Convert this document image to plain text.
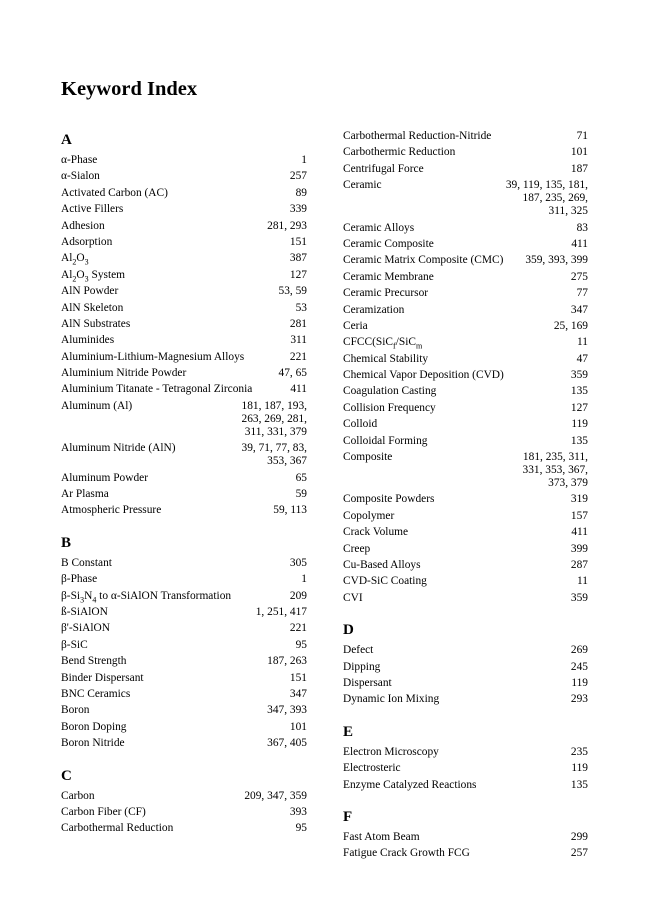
Keyword Index
A
α-Phase	1
α-Sialon	257
Activated Carbon (AC)	89
Active Fillers	339
Adhesion	281, 293
Adsorption	151
$Al_2O_3$	387
$Al_2O_3$ System	127
AlN Powder	53, 59
AlN Skeleton	53
AlN Substrates	281
Aluminides	311
Aluminium-Lithium-Magnesium Alloys	221
Aluminium Nitride Powder	47, 65
Aluminium Titanate - Tetragonal Zirconia	411
Aluminum (Al)	181, 187, 193, 263, 269, 281, 311, 331, 379
Aluminum Nitride (AlN)	39, 71, 77, 83, 353, 367
Aluminum Powder	65
Ar Plasma	59
Atmospheric Pressure	59, 113
B
B Constant	305
β-Phase	1
$\beta-Si_3N_4$ to α-SiAlON Transformation	209
ß-SiAlON	1, 251, 417
β'-SiAlON	221
β-SiC	95
Bend Strength	187, 263
Binder Dispersant	151
BNC Ceramics	347
Boron	347, 393
Boron Doping	101
Boron Nitride	367, 405
C
Carbon	209, 347, 359
Carbon Fiber (CF)	393
Carbothermal Reduction	95
Carbothermal Reduction-Nitride	71
Carbothermic Reduction	101
Centrifugal Force	187
Ceramic	39, 119, 135, 181, 187, 235, 269, 311, 325
Ceramic Alloys	83
Ceramic Composite	411
Ceramic Matrix Composite (CMC)	359, 393, 399
Ceramic Membrane	275
Ceramic Precursor	77
Ceramization	347
Ceria	25, 169
CFCC(SiC$_f$/SiC$_m$	11
Chemical Stability	47
Chemical Vapor Deposition (CVD)	359
Coagulation Casting	135
Collision Frequency	127
Colloid	119
Colloidal Forming	135
Composite	181, 235, 311, 331, 353, 367, 373, 379
Composite Powders	319
Copolymer	157
Crack Volume	411
Creep	399
Cu-Based Alloys	287
CVD-SiC Coating	11
CVI	359
D
Defect	269
Dipping	245
Dispersant	119
Dynamic Ion Mixing	293
E
Electron Microscopy	235
Electrosteric	119
Enzyme Catalyzed Reactions	135
F
Fast Atom Beam	299
Fatigue Crack Growth FCG	257
